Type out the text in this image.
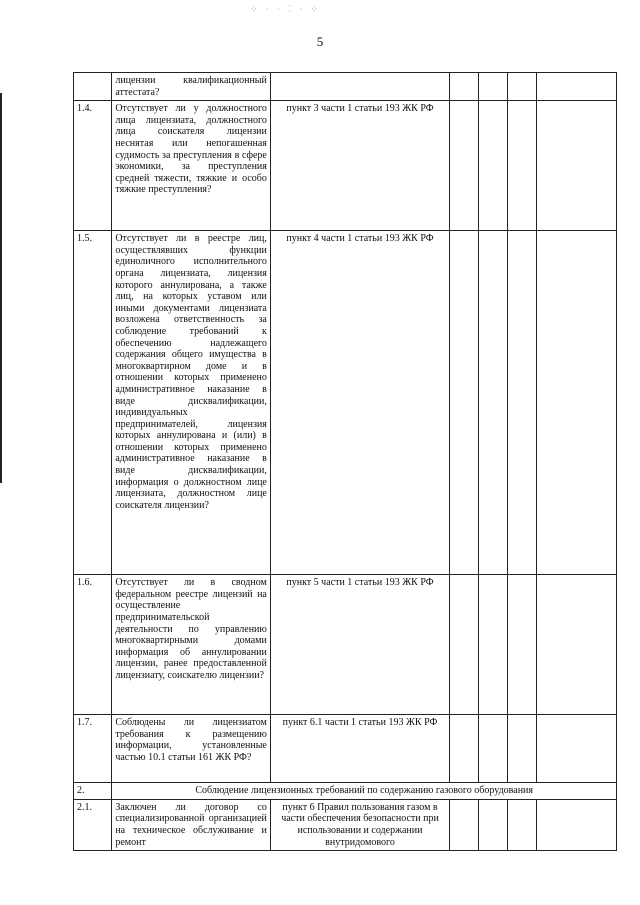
⁘ · · ⁚ · ⁘
5
	лицензии квалификационный аттестата?					
1.4.	Отсутствует ли у должностного лица лицензиата, должностного лица соискателя лицензии неснятая или непогашенная судимость за преступления в сфере экономики, за преступления средней тяжести, тяжкие и особо тяжкие преступления?	пункт 3 части 1 статьи 193 ЖК РФ				
1.5.	Отсутствует ли в реестре лиц, осуществлявших функции единоличного исполнительного органа лицензиата, лицензия которого аннулирована, а также лиц, на которых уставом или иными документами лицензиата возложена ответственность за соблюдение требований к обеспечению надлежащего содержания общего имущества в многоквартирном доме и в отношении которых применено административное наказание в виде дисквалификации, индивидуальных предпринимателей, лицензия которых аннулирована и (или) в отношении которых применено административное наказание в виде дисквалификации, информация о должностном лице лицензиата, должностном лице соискателя лицензии?	пункт 4 части 1 статьи 193 ЖК РФ				
1.6.	Отсутствует ли в сводном федеральном реестре лицензий на осуществление предпринимательской деятельности по управлению многоквартирными домами информация об аннулировании лицензии, ранее предоставленной лицензиату, соискателю лицензии?	пункт 5 части 1 статьи 193 ЖК РФ				
1.7.	Соблюдены ли лицензиатом требования к размещению информации, установленные частью 10.1 статьи 161 ЖК РФ?	пункт 6.1 части 1 статьи 193 ЖК РФ				
2.	Соблюдение лицензионных требований по содержанию газового оборудования					
2.1.	Заключен ли договор со специализированной организацией на техническое обслуживание и ремонт	пункт 6 Правил пользования газом в части обеспечения безопасности при использовании и содержании внутридомового				
